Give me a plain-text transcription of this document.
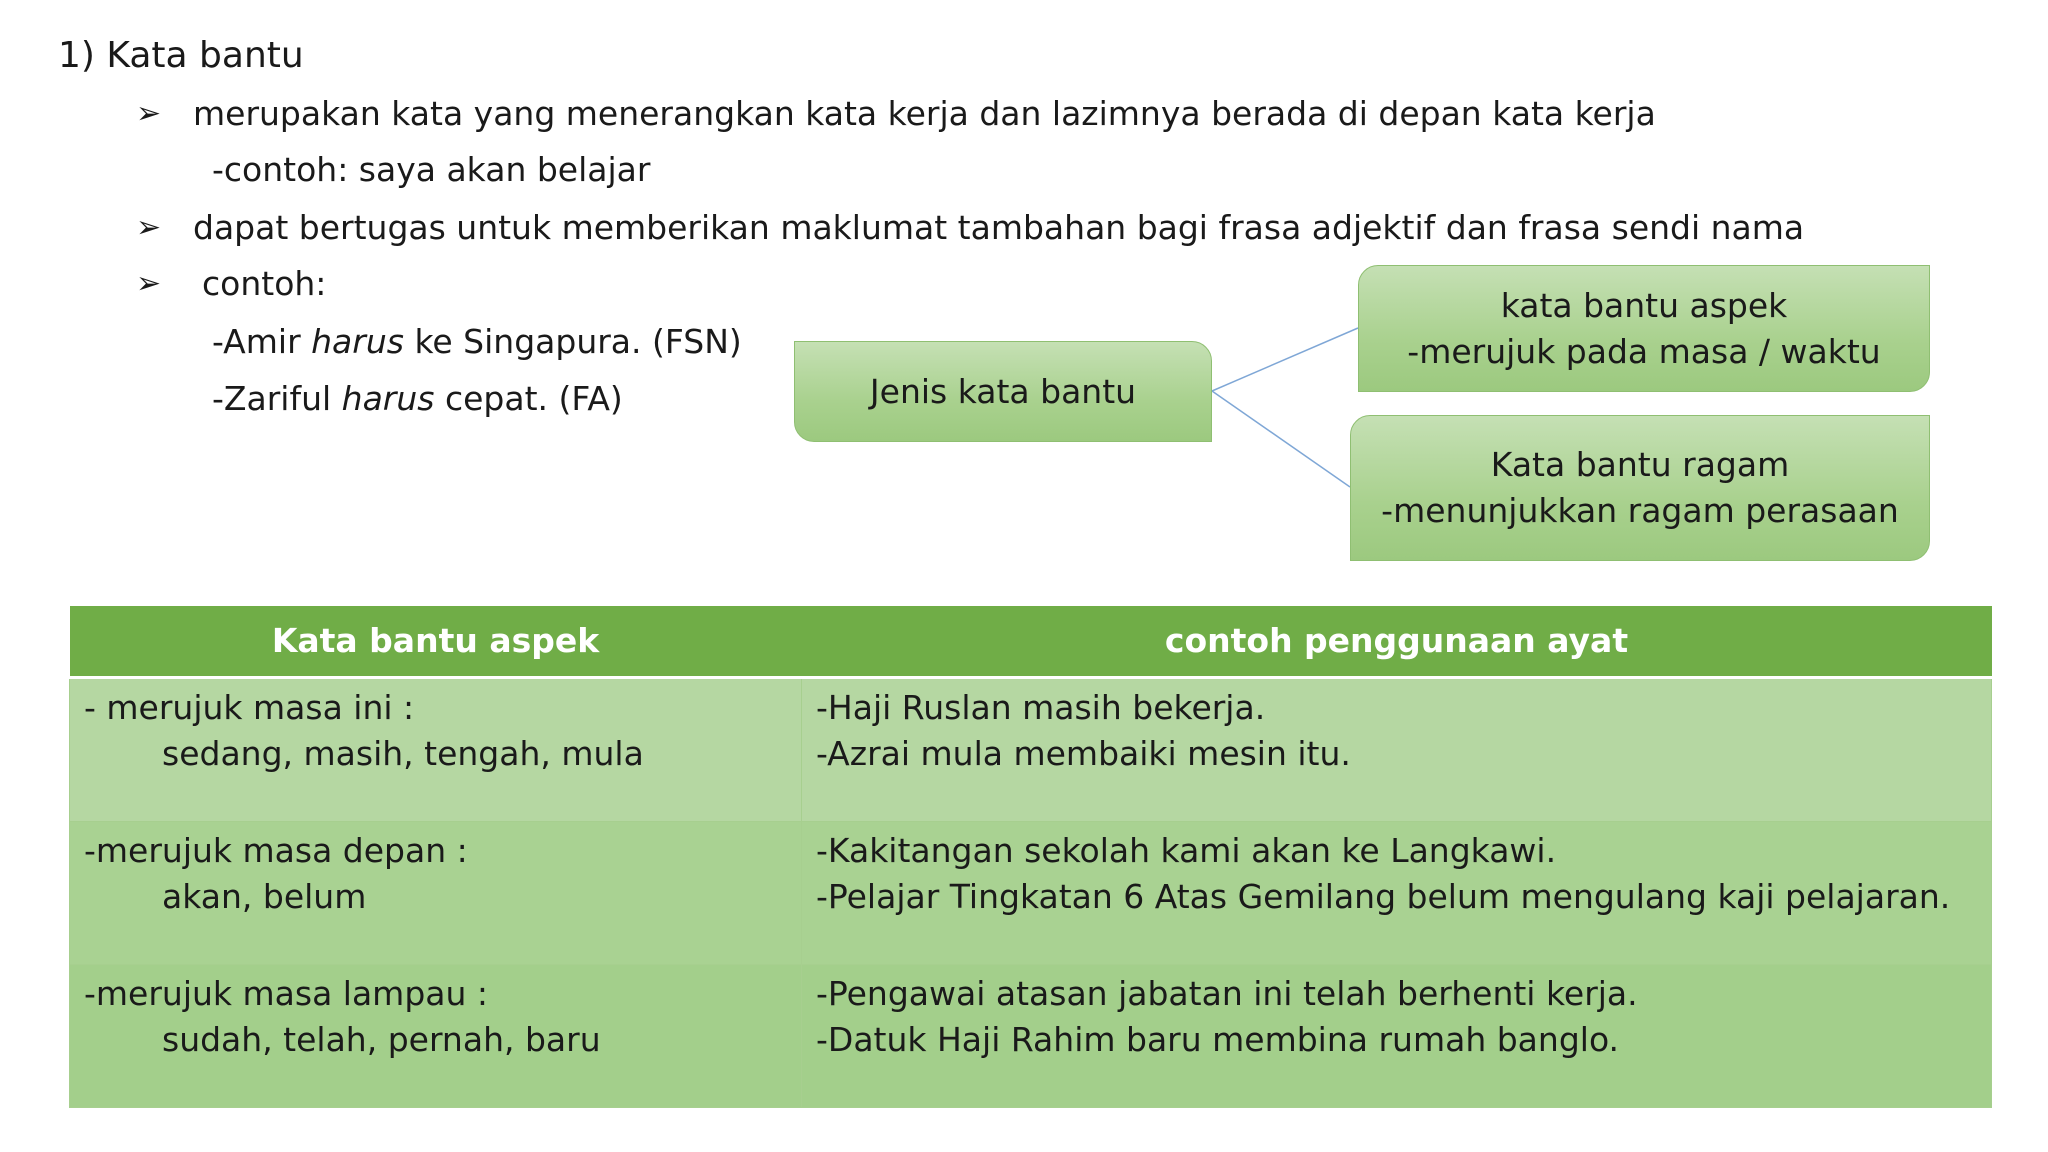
1) Kata bantu
➢ merupakan kata yang menerangkan kata kerja dan lazimnya berada di depan kata kerja
-contoh: saya akan belajar
➢ dapat bertugas untuk memberikan maklumat tambahan bagi frasa adjektif dan frasa sendi nama
➢ contoh:
-Amir harus ke Singapura. (FSN)
-Zariful harus cepat. (FA)	Jenis kata bantu
kata bantu aspek
-merujuk pada masa / waktu
Kata bantu ragam
-menunjukkan ragam perasaan
Kata bantu aspek	contoh penggunaan ayat

- merujuk masa ini :
sedang, masih, tengah, mula	-Haji Ruslan masih bekerja.
-Azrai mula membaiki mesin itu.

-merujuk masa depan :
akan, belum	-Kakitangan sekolah kami akan ke Langkawi.
-Pelajar Tingkatan 6 Atas Gemilang belum mengulang kaji pelajaran.

-merujuk masa lampau :
sudah, telah, pernah, baru	-Pengawai atasan jabatan ini telah berhenti kerja.
-Datuk Haji Rahim baru membina rumah banglo.
